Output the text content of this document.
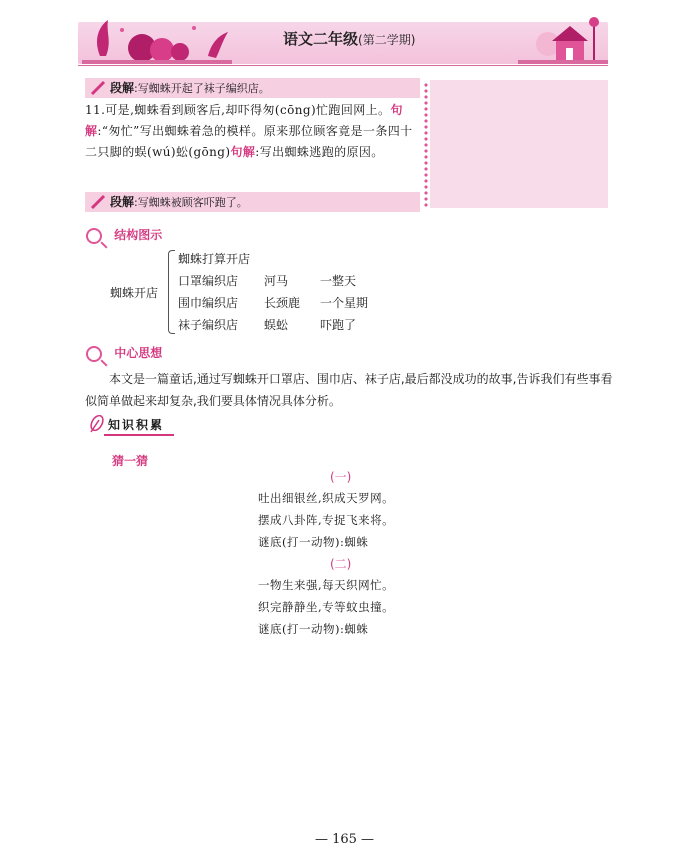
语文二年级(第二学期)
段解:写蜘蛛开起了袜子编织店。
11.可是,蜘蛛看到顾客后,却吓得匆(cōng)忙跑回网上。句解:“匆忙”写出蜘蛛着急的模样。原来那位顾客竟是一条四十二只脚的蜈(wú)蚣(gōng)句解:写出蜘蛛逃跑的原因。
段解:写蜘蛛被顾客吓跑了。
结构图示
蜘蛛开店
蜘蛛打算开店
口罩编织店 河马	一整天
围巾编织店 长颈鹿 一个星期
袜子编织店 蜈蚣	吓跑了
中心思想
本文是一篇童话,通过写蜘蛛开口罩店、围巾店、袜子店,最后都没成功的故事,告诉我们有些事看似简单做起来却复杂,我们要具体情况具体分析。
知识积累
猜一猜
(一)
吐出细银丝,织成天罗网。
摆成八卦阵,专捉飞来将。
谜底(打一动物):蜘蛛
(二)
一物生来强,每天织网忙。
织完静静坐,专等蚊虫撞。
谜底(打一动物):蜘蛛
— 165 —
